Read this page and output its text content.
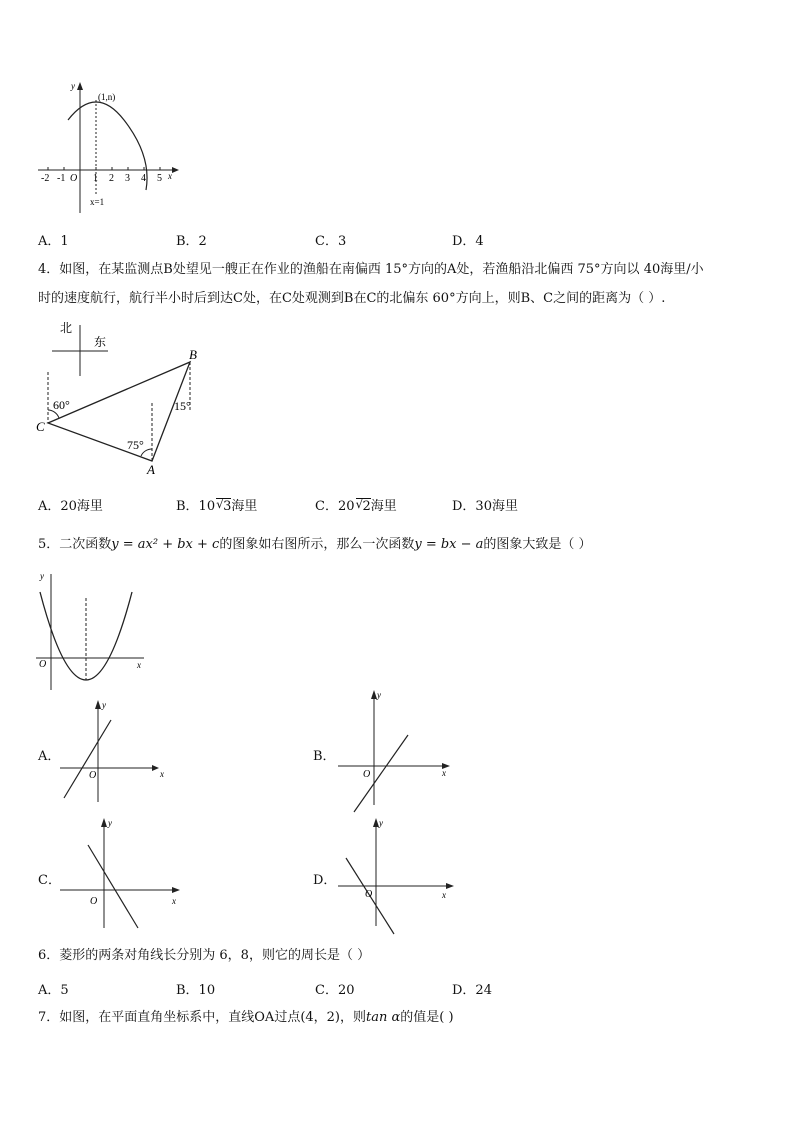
y
x
(1,n)
x=1
O
-2 -1	1 2 3 4 5
A．1	B．2	C．3	D．4
4．如图，在某监测点B处望见一艘正在作业的渔船在南偏西 15°方向的A处，若渔船沿北偏西 75°方向以 40海里/小
时的速度航行，航行半小时后到达C处，在C处观测到B在C的北偏东 60°方向上，则B、C之间的距离为（ ）.
北
东
B
C
A
60°
75°
15°
A．20海里	B．10 √ 3海里	C．20 √ 2海里	D．30海里
5．二次函数y = ax² + bx + c的图象如右图所示，那么一次函数y = bx − a的图象大致是（ ）
y
x
O
y
x
O
y
x
O
y
x
O
y
x
O
A．	B．
C．	D．
6．菱形的两条对角线长分别为 6，8，则它的周长是（ ）
A．5	B．10	C．20	D．24
7．如图，在平面直角坐标系中，直线OA过点(4，2)，则tan α的值是( )
